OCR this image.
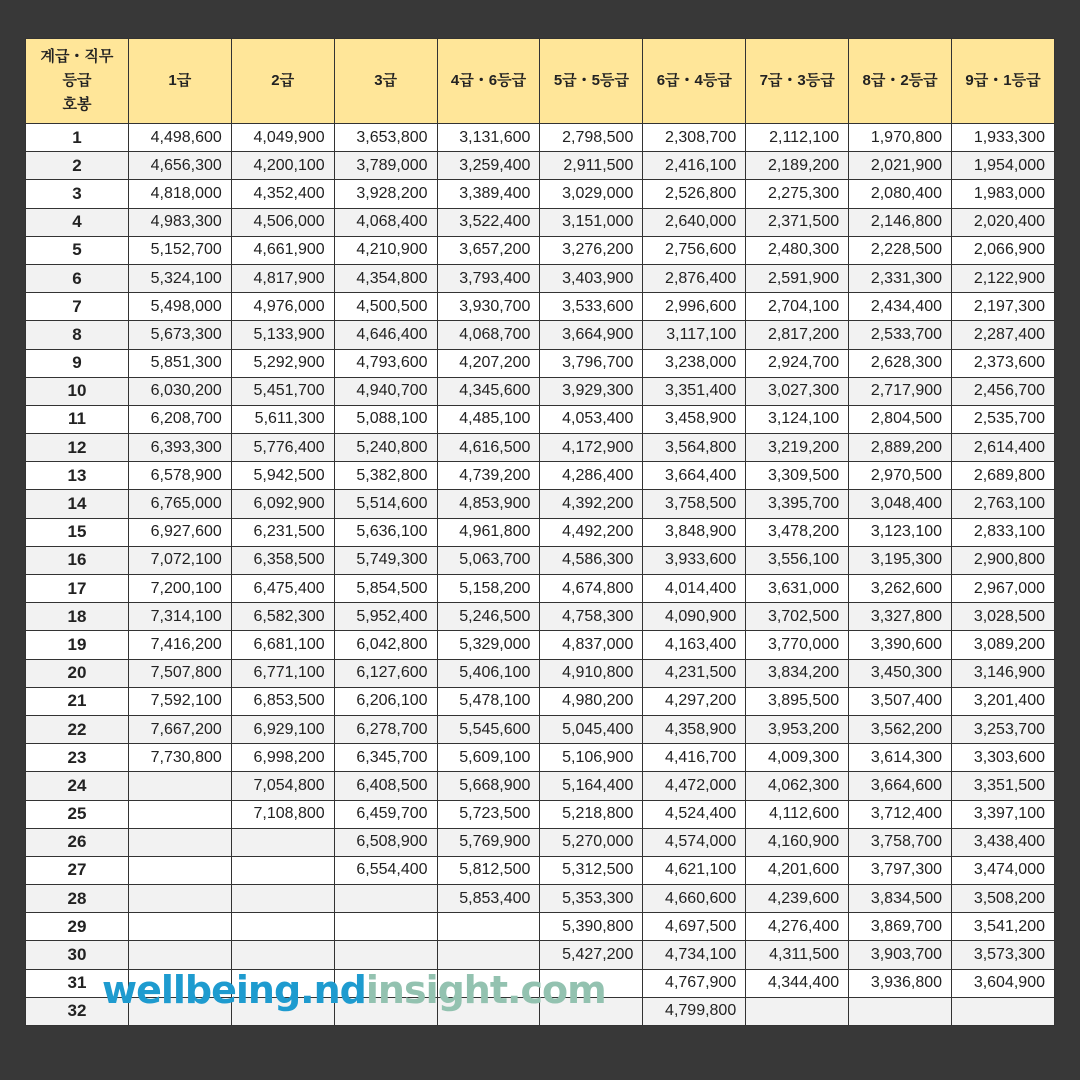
계급・직무
등급
호봉	1급	2급	3급	4급・6등급	5급・5등급	6급・4등급	7급・3등급	8급・2등급	9급・1등급
1	4,498,600	4,049,900	3,653,800	3,131,600	2,798,500	2,308,700	2,112,100	1,970,800	1,933,300
2	4,656,300	4,200,100	3,789,000	3,259,400	2,911,500	2,416,100	2,189,200	2,021,900	1,954,000
3	4,818,000	4,352,400	3,928,200	3,389,400	3,029,000	2,526,800	2,275,300	2,080,400	1,983,000
4	4,983,300	4,506,000	4,068,400	3,522,400	3,151,000	2,640,000	2,371,500	2,146,800	2,020,400
5	5,152,700	4,661,900	4,210,900	3,657,200	3,276,200	2,756,600	2,480,300	2,228,500	2,066,900
6	5,324,100	4,817,900	4,354,800	3,793,400	3,403,900	2,876,400	2,591,900	2,331,300	2,122,900
7	5,498,000	4,976,000	4,500,500	3,930,700	3,533,600	2,996,600	2,704,100	2,434,400	2,197,300
8	5,673,300	5,133,900	4,646,400	4,068,700	3,664,900	3,117,100	2,817,200	2,533,700	2,287,400
9	5,851,300	5,292,900	4,793,600	4,207,200	3,796,700	3,238,000	2,924,700	2,628,300	2,373,600
10	6,030,200	5,451,700	4,940,700	4,345,600	3,929,300	3,351,400	3,027,300	2,717,900	2,456,700
11	6,208,700	5,611,300	5,088,100	4,485,100	4,053,400	3,458,900	3,124,100	2,804,500	2,535,700
12	6,393,300	5,776,400	5,240,800	4,616,500	4,172,900	3,564,800	3,219,200	2,889,200	2,614,400
13	6,578,900	5,942,500	5,382,800	4,739,200	4,286,400	3,664,400	3,309,500	2,970,500	2,689,800
14	6,765,000	6,092,900	5,514,600	4,853,900	4,392,200	3,758,500	3,395,700	3,048,400	2,763,100
15	6,927,600	6,231,500	5,636,100	4,961,800	4,492,200	3,848,900	3,478,200	3,123,100	2,833,100
16	7,072,100	6,358,500	5,749,300	5,063,700	4,586,300	3,933,600	3,556,100	3,195,300	2,900,800
17	7,200,100	6,475,400	5,854,500	5,158,200	4,674,800	4,014,400	3,631,000	3,262,600	2,967,000
18	7,314,100	6,582,300	5,952,400	5,246,500	4,758,300	4,090,900	3,702,500	3,327,800	3,028,500
19	7,416,200	6,681,100	6,042,800	5,329,000	4,837,000	4,163,400	3,770,000	3,390,600	3,089,200
20	7,507,800	6,771,100	6,127,600	5,406,100	4,910,800	4,231,500	3,834,200	3,450,300	3,146,900
21	7,592,100	6,853,500	6,206,100	5,478,100	4,980,200	4,297,200	3,895,500	3,507,400	3,201,400
22	7,667,200	6,929,100	6,278,700	5,545,600	5,045,400	4,358,900	3,953,200	3,562,200	3,253,700
23	7,730,800	6,998,200	6,345,700	5,609,100	5,106,900	4,416,700	4,009,300	3,614,300	3,303,600
24		7,054,800	6,408,500	5,668,900	5,164,400	4,472,000	4,062,300	3,664,600	3,351,500
25		7,108,800	6,459,700	5,723,500	5,218,800	4,524,400	4,112,600	3,712,400	3,397,100
26			6,508,900	5,769,900	5,270,000	4,574,000	4,160,900	3,758,700	3,438,400
27			6,554,400	5,812,500	5,312,500	4,621,100	4,201,600	3,797,300	3,474,000
28				5,853,400	5,353,300	4,660,600	4,239,600	3,834,500	3,508,200
29					5,390,800	4,697,500	4,276,400	3,869,700	3,541,200
30					5,427,200	4,734,100	4,311,500	3,903,700	3,573,300
31						4,767,900	4,344,400	3,936,800	3,604,900
32						4,799,800			
wellbeing.ndinsight.com
